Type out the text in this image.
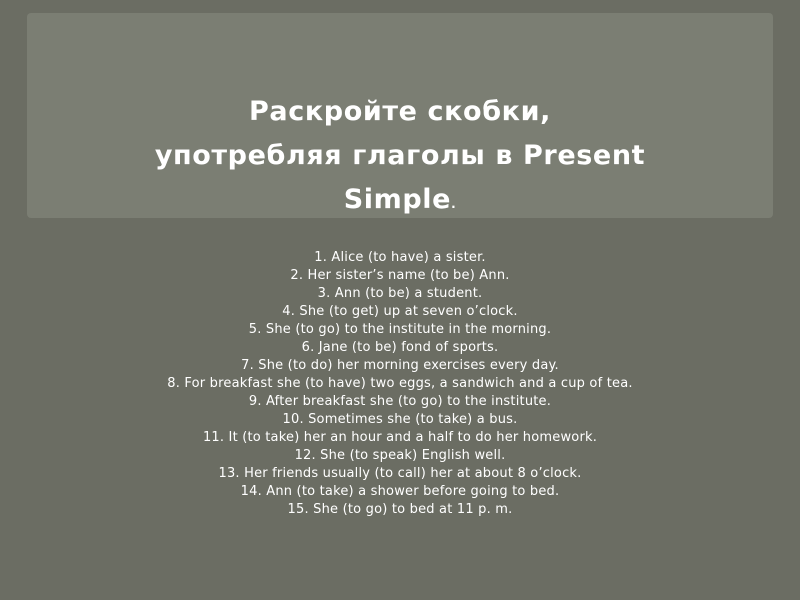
Раскройте скобки,
употребляя глаголы в Present
Simple.
1. Alice (to have) a sister.
2. Her sister’s name (to be) Ann.
3. Ann (to be) a student.
4. She (to get) up at seven o’clock.
5. She (to go) to the institute in the morning.
6. Jane (to be) fond of sports.
7. She (to do) her morning exercises every day.
8. For breakfast she (to have) two eggs, a sandwich and a cup of tea.
9. After breakfast she (to go) to the institute.
10. Sometimes she (to take) a bus.
11. It (to take) her an hour and a half to do her homework.
12. She (to speak) English well.
13. Her friends usually (to call) her at about 8 o’clock.
14. Ann (to take) a shower before going to bed.
15. She (to go) to bed at 11 p. m.
